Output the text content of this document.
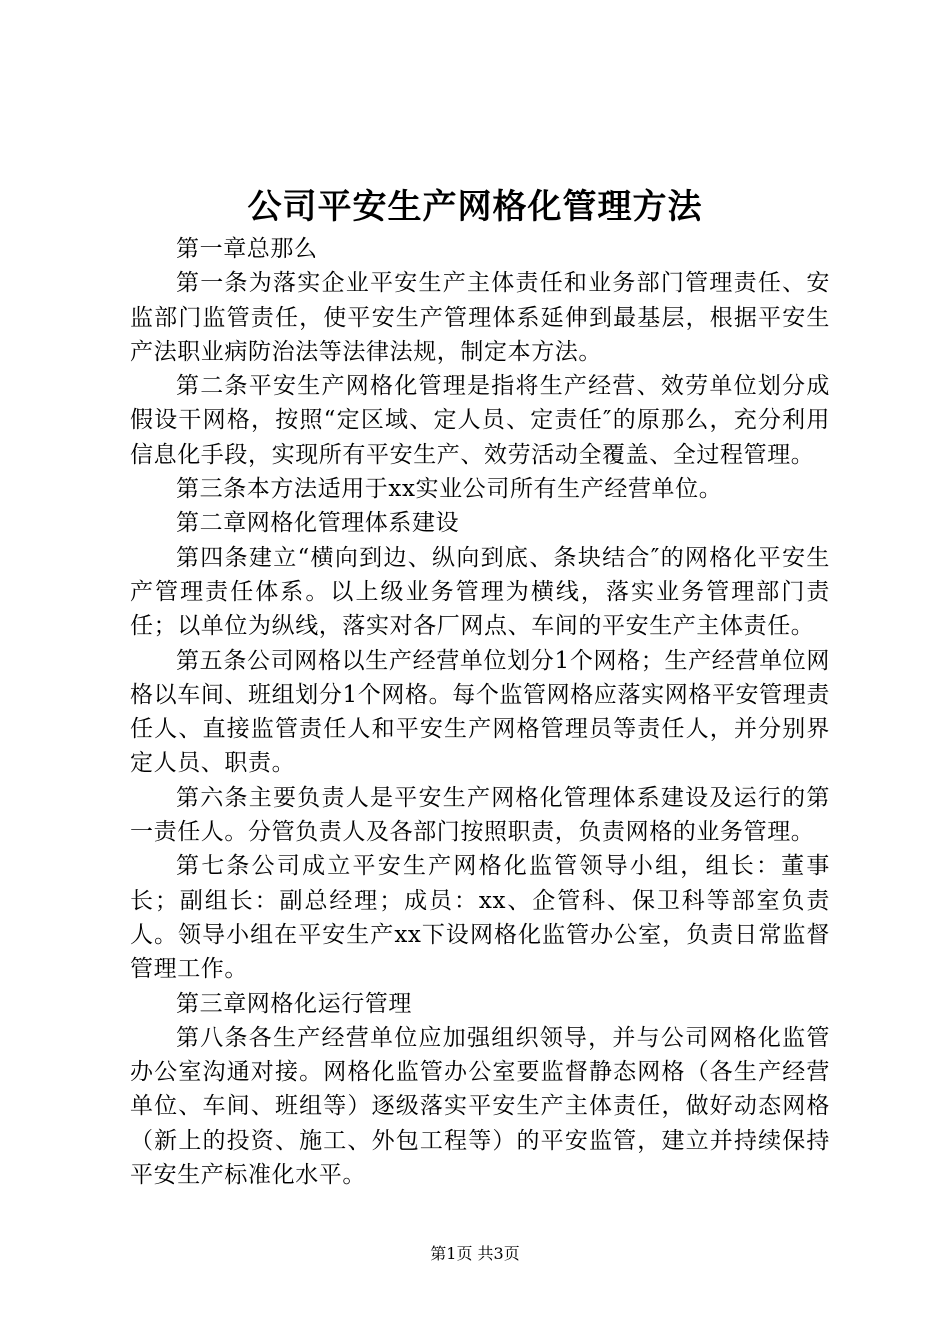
公司平安生产网格化管理方法

第一章总那么

第一条为落实企业平安生产主体责任和业务部门管理责任、安监部门监管责任，使平安生产管理体系延伸到最基层，根据平安生产法职业病防治法等法律法规，制定本方法。

第二条平安生产网格化管理是指将生产经营、效劳单位划分成假设干网格，按照“定区域、定人员、定责任″的原那么，充分利用信息化手段，实现所有平安生产、效劳活动全覆盖、全过程管理。

第三条本方法适用于xx实业公司所有生产经营单位。

第二章网格化管理体系建设

第四条建立“横向到边、纵向到底、条块结合″的网格化平安生产管理责任体系。以上级业务管理为横线，落实业务管理部门责任；以单位为纵线，落实对各厂网点、车间的平安生产主体责任。

第五条公司网格以生产经营单位划分1个网格；生产经营单位网格以车间、班组划分1个网格。每个监管网格应落实网格平安管理责任人、直接监管责任人和平安生产网格管理员等责任人，并分别界定人员、职责。

第六条主要负责人是平安生产网格化管理体系建设及运行的第一责任人。分管负责人及各部门按照职责，负责网格的业务管理。

第七条公司成立平安生产网格化监管领导小组，组长：董事长；副组长：副总经理；成员：xx、企管科、保卫科等部室负责人。领导小组在平安生产xx下设网格化监管办公室，负责日常监督管理工作。

第三章网格化运行管理

第八条各生产经营单位应加强组织领导，并与公司网格化监管办公室沟通对接。网格化监管办公室要监督静态网格（各生产经营单位、车间、班组等）逐级落实平安生产主体责任，做好动态网格（新上的投资、施工、外包工程等）的平安监管，建立并持续保持平安生产标准化水平。

第1页 共3页
